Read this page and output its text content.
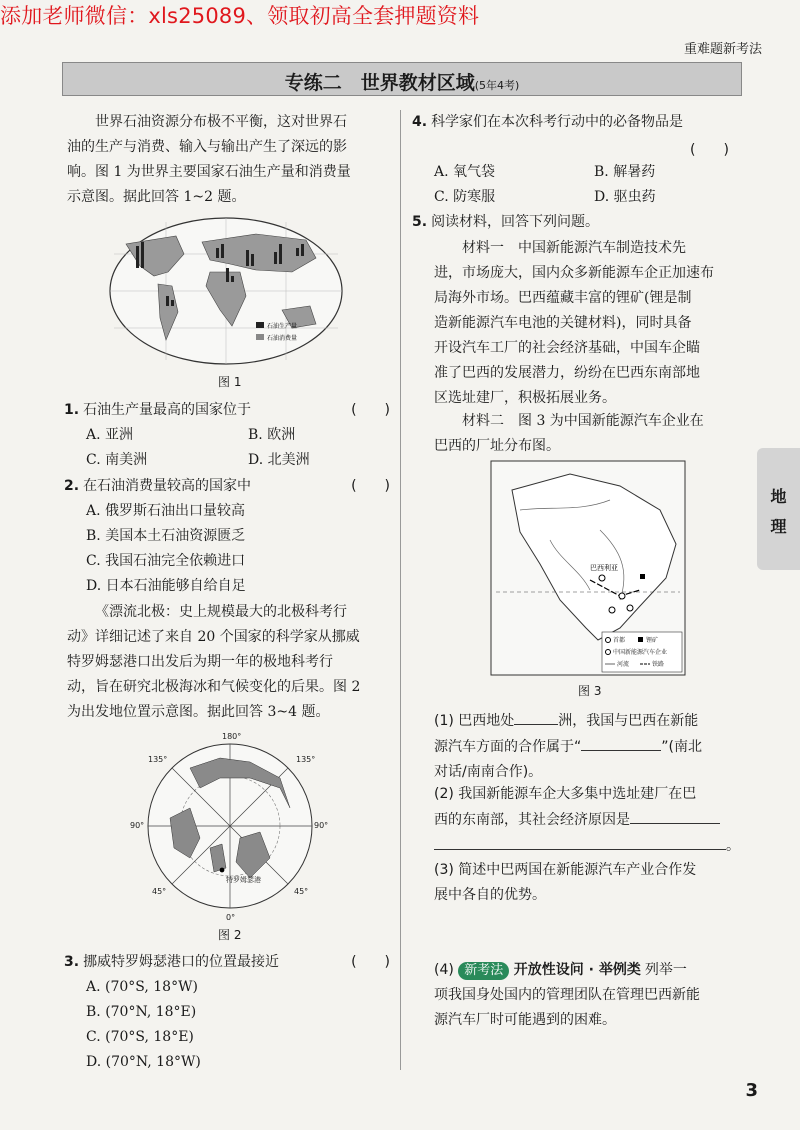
添加老师微信：xls25089、领取初高全套押题资料
重难题新考法
专练二　世界教材区域(5年4考)
世界石油资源分布极不平衡，这对世界石
油的生产与消费、输入与输出产生了深远的影
响。图 1 为世界主要国家石油生产量和消费量
示意图。据此回答 1~2 题。
石油生产量
石油消费量
图 1
1. 石油生产量最高的国家位于	(　　)
A. 亚洲	B. 欧洲
C. 南美洲	D. 北美洲
2. 在石油消费量较高的国家中	(　　)
A. 俄罗斯石油出口量较高
B. 美国本土石油资源匮乏
C. 我国石油完全依赖进口
D. 日本石油能够自给自足
《漂流北极：史上规模最大的北极科考行
动》详细记述了来自 20 个国家的科学家从挪威
特罗姆瑟港口出发后为期一年的极地科考行
动，旨在研究北极海冰和气候变化的后果。图 2
为出发地位置示意图。据此回答 3~4 题。
180°
135°	135°
90°	90°
45°	45°
0°
特罗姆瑟港
图 2
3. 挪威特罗姆瑟港口的位置最接近	(　　)
A. (70°S, 18°W)
B. (70°N, 18°E)
C. (70°S, 18°E)
D. (70°N, 18°W)
4. 科学家们在本次科考行动中的必备物品是
(　　)
A. 氧气袋	B. 解暑药
C. 防寒服	D. 驱虫药
5. 阅读材料，回答下列问题。
材料一　中国新能源汽车制造技术先
进，市场庞大，国内众多新能源车企正加速布
局海外市场。巴西蕴藏丰富的锂矿(锂是制
造新能源汽车电池的关键材料)，同时具备
开设汽车工厂的社会经济基础，中国车企瞄
准了巴西的发展潜力，纷纷在巴西东南部地
区选址建厂，积极拓展业务。
材料二　图 3 为中国新能源汽车企业在
巴西的厂址分布图。
巴西利亚
首都	锂矿
中国新能源汽车企业
河流	铁路
图 3
(1) 巴西地处	洲，我国与巴西在新能
源汽车方面的合作属于“	”(南北
对话/南南合作)。
(2) 我国新能源车企大多集中选址建厂在巴
西的东南部，其社会经济原因是
。
(3) 简述中巴两国在新能源汽车产业合作发
展中各自的优势。
(4) 新考法 开放性设问 · 举例类 列举一
项我国身处国内的管理团队在管理巴西新能
源汽车厂时可能遇到的困难。
地
理
3
